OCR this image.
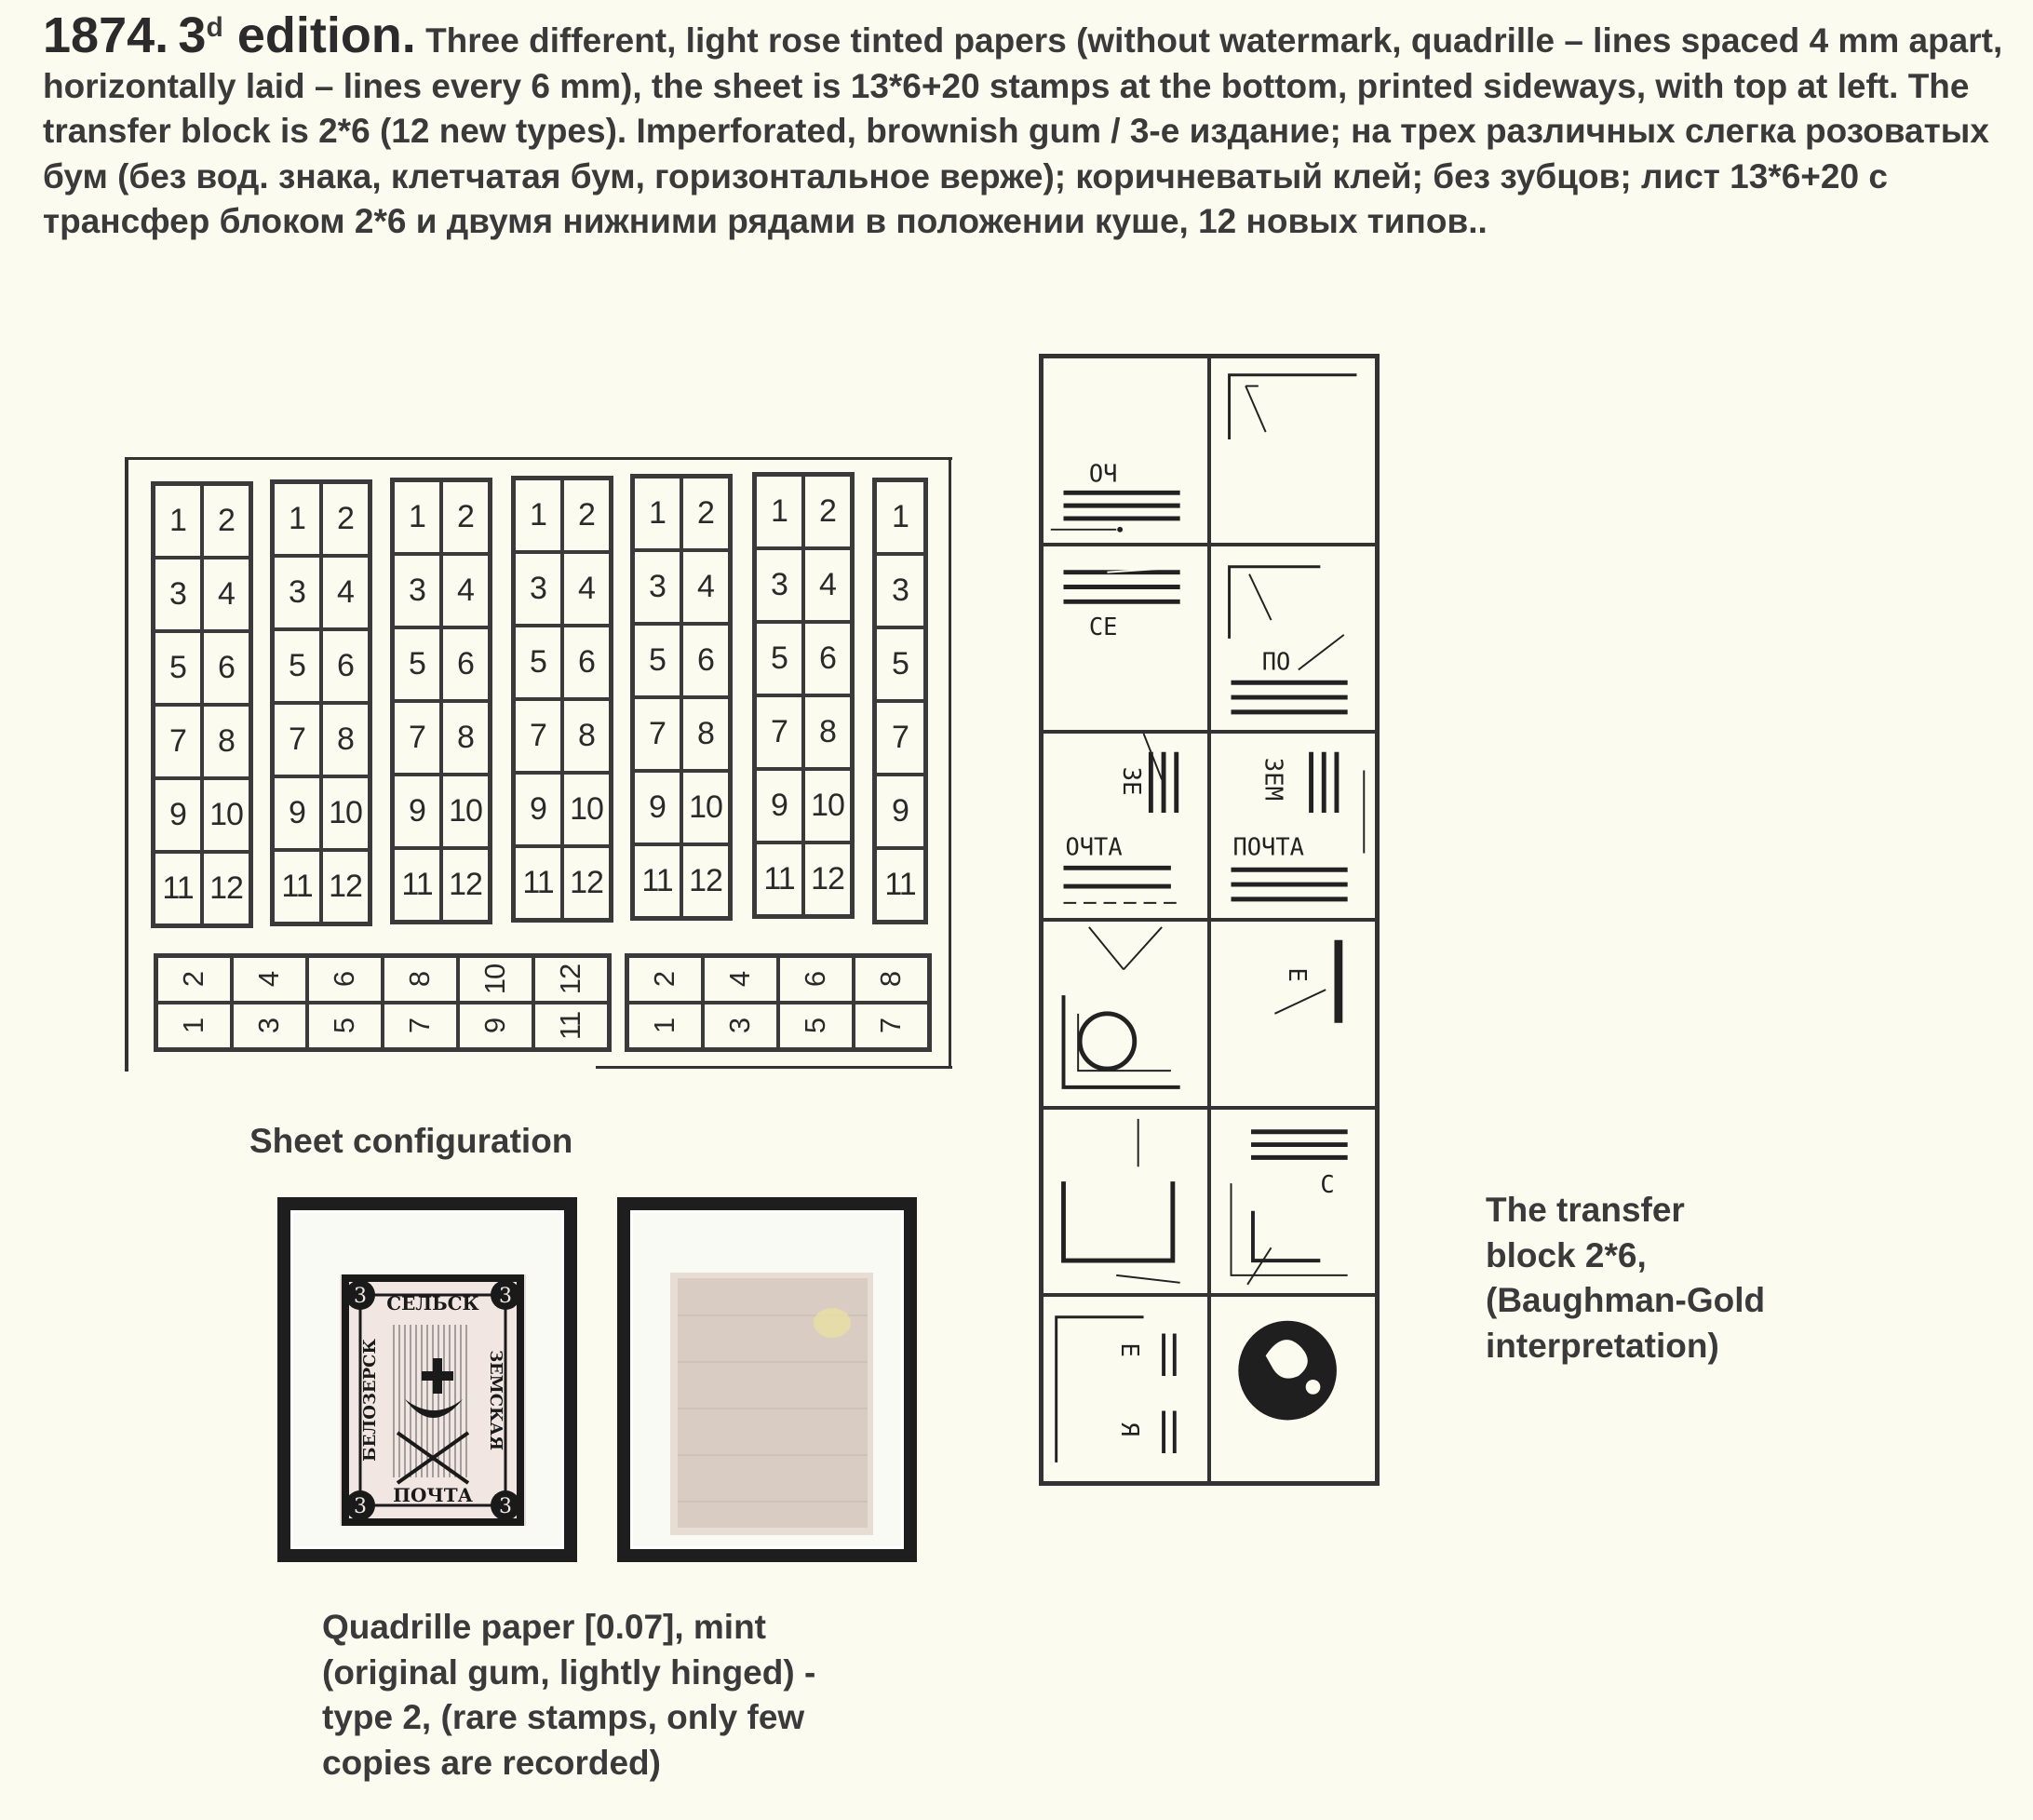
1874. 3$^d$ edition. Three different, light rose tinted papers (without watermark, quadrille – lines spaced 4 mm apart, horizontally laid – lines every 6 mm), the sheet is 13*6+20 stamps at the bottom, printed sideways, with top at left. The transfer block is 2*6 (12 new types). Imperforated, brownish gum / 3-е издание; на трех различных слегка розоватых бум (без вод. знака, клетчатая бум, горизонтальное верже); коричневатый клей; без зубцов; лист 13*6+20 с трансфер блоком 2*6 и двумя нижними рядами в положении куше, 12 новых типов..

1	2
3	4
5	6
7	8
9 10
11 12
1	2
3	4
5	6
7	8
9 10
11 12
1	2
3	4
5	6
7	8
9 10
11 12
1	2
3	4
5	6
7	8
9 10
11 12
1	2
3	4
5	6
7	8
9 10
11 12
1	2
3	4
5	6
7	8
9 10
11 12
1
3
5
7
9
11
2 4 6 8 10 12
1 3 5 7 9 11
2 4 6 8
1 3 5 7

Sheet configuration

3	3
3	3
СЕЛЬСК
ПОЧТА
БЕЛОЗЕРСК	ЗЕМСКАЯ

Quadrille paper [0.07], mint

(original gum, lightly hinged) -

type 2, (rare stamps, only few

copies are recorded)

ОЧ
СЕ
ПО
ЗЕ
ОЧТА
ЗЕМ
ПОЧТА
Е
С
Е
Я

The transfer

block 2*6,

(Baughman-Gold

interpretation)
